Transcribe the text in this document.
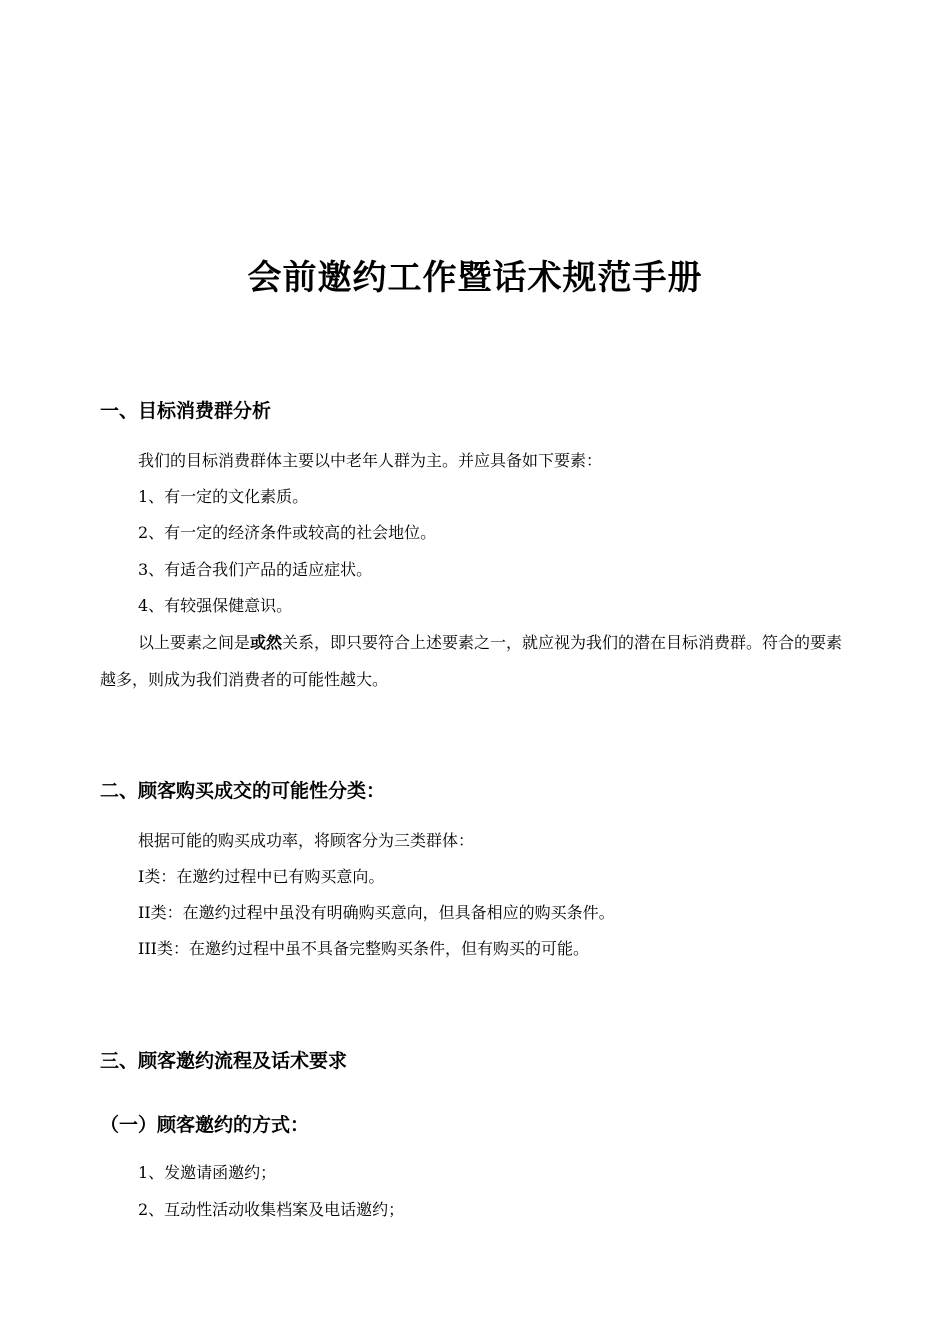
会前邀约工作暨话术规范手册
一、目标消费群分析
我们的目标消费群体主要以中老年人群为主。并应具备如下要素：
1、有一定的文化素质。
2、有一定的经济条件或较高的社会地位。
3、有适合我们产品的适应症状。
4、有较强保健意识。
以上要素之间是或然关系，即只要符合上述要素之一，就应视为我们的潜在目标消费群。符合的要素越多，则成为我们消费者的可能性越大。
二、顾客购买成交的可能性分类：
根据可能的购买成功率，将顾客分为三类群体：
I类：在邀约过程中已有购买意向。
II类：在邀约过程中虽没有明确购买意向，但具备相应的购买条件。
III类：在邀约过程中虽不具备完整购买条件，但有购买的可能。
三、顾客邀约流程及话术要求
（一）顾客邀约的方式：
1、发邀请函邀约；
2、互动性活动收集档案及电话邀约；
